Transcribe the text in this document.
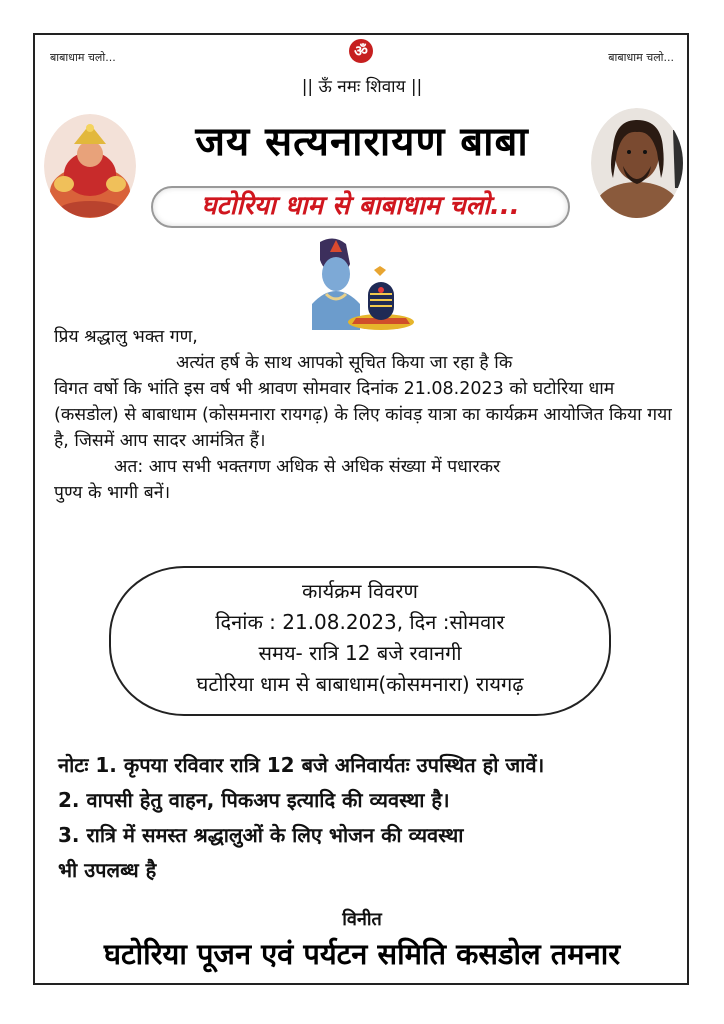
बाबाधाम चलो...	बाबाधाम चलो...
ॐ
|| ऊँ नमः शिवाय ||
जय सत्यनारायण बाबा
घटोरिया धाम से बाबाधाम चलो...

प्रिय श्रद्धालु भक्त गण,

अत्यंत हर्ष के साथ आपको सूचित किया जा रहा है कि

विगत वर्षो कि भांति इस वर्ष भी श्रावण सोमवार दिनांक 21.08.2023 को घटोरिया धाम (कसडोल) से बाबाधाम (कोसमनारा रायगढ़) के लिए कांवड़ यात्रा का कार्यक्रम आयोजित किया गया है, जिसमें आप सादर आमंत्रित हैं।

अत: आप सभी भक्तगण अधिक से अधिक संख्या में पधारकर

पुण्य के भागी बनें।

कार्यक्रम विवरण
दिनांक : 21.08.2023, दिन :सोमवार
समय- रात्रि 12 बजे रवानगी
घटोरिया धाम से बाबाधाम(कोसमनारा) रायगढ़

नोटः 1. कृपया रविवार रात्रि 12 बजे अनिवार्यतः उपस्थित हो जावें।

2. वापसी हेतु वाहन, पिकअप इत्यादि की व्यवस्था है।

3. रात्रि में समस्त श्रद्धालुओं के लिए भोजन की व्यवस्था

भी उपलब्ध है

विनीत
घटोरिया पूजन एवं पर्यटन समिति कसडोल तमनार
